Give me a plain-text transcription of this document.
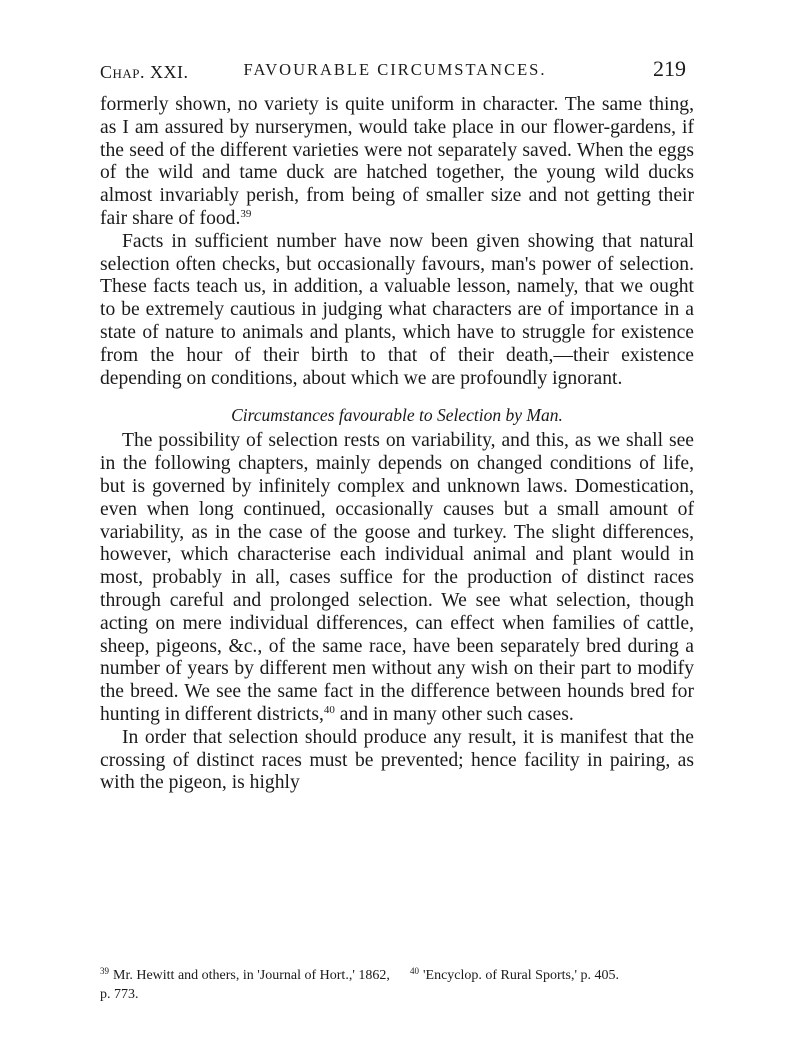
Chap. XXI.	FAVOURABLE CIRCUMSTANCES.	219

formerly shown, no variety is quite uniform in character. The same thing, as I am assured by nurserymen, would take place in our flower-gardens, if the seed of the different varieties were not separately saved. When the eggs of the wild and tame duck are hatched together, the young wild ducks almost invariably perish, from being of smaller size and not getting their fair share of food.$^{39}$

Facts in sufficient number have now been given showing that natural selection often checks, but occasionally favours, man's power of selection. These facts teach us, in addition, a valuable lesson, namely, that we ought to be extremely cautious in judging what characters are of importance in a state of nature to animals and plants, which have to struggle for existence from the hour of their birth to that of their death,—their existence depending on conditions, about which we are profoundly ignorant.

Circumstances favourable to Selection by Man.

The possibility of selection rests on variability, and this, as we shall see in the following chapters, mainly depends on changed conditions of life, but is governed by infinitely complex and unknown laws. Domestication, even when long continued, occasionally causes but a small amount of variability, as in the case of the goose and turkey. The slight differences, however, which characterise each individual animal and plant would in most, probably in all, cases suffice for the production of distinct races through careful and prolonged selection. We see what selection, though acting on mere individual differences, can effect when families of cattle, sheep, pigeons, &c., of the same race, have been separately bred during a number of years by different men without any wish on their part to modify the breed. We see the same fact in the difference between hounds bred for hunting in different districts,$^{40}$ and in many other such cases.

In order that selection should produce any result, it is manifest that the crossing of distinct races must be prevented; hence facility in pairing, as with the pigeon, is highly

$^{39}$ Mr. Hewitt and others, in 'Journal of Hort.,' 1862, p. 773.
$^{40}$ 'Encyclop. of Rural Sports,' p. 405.
